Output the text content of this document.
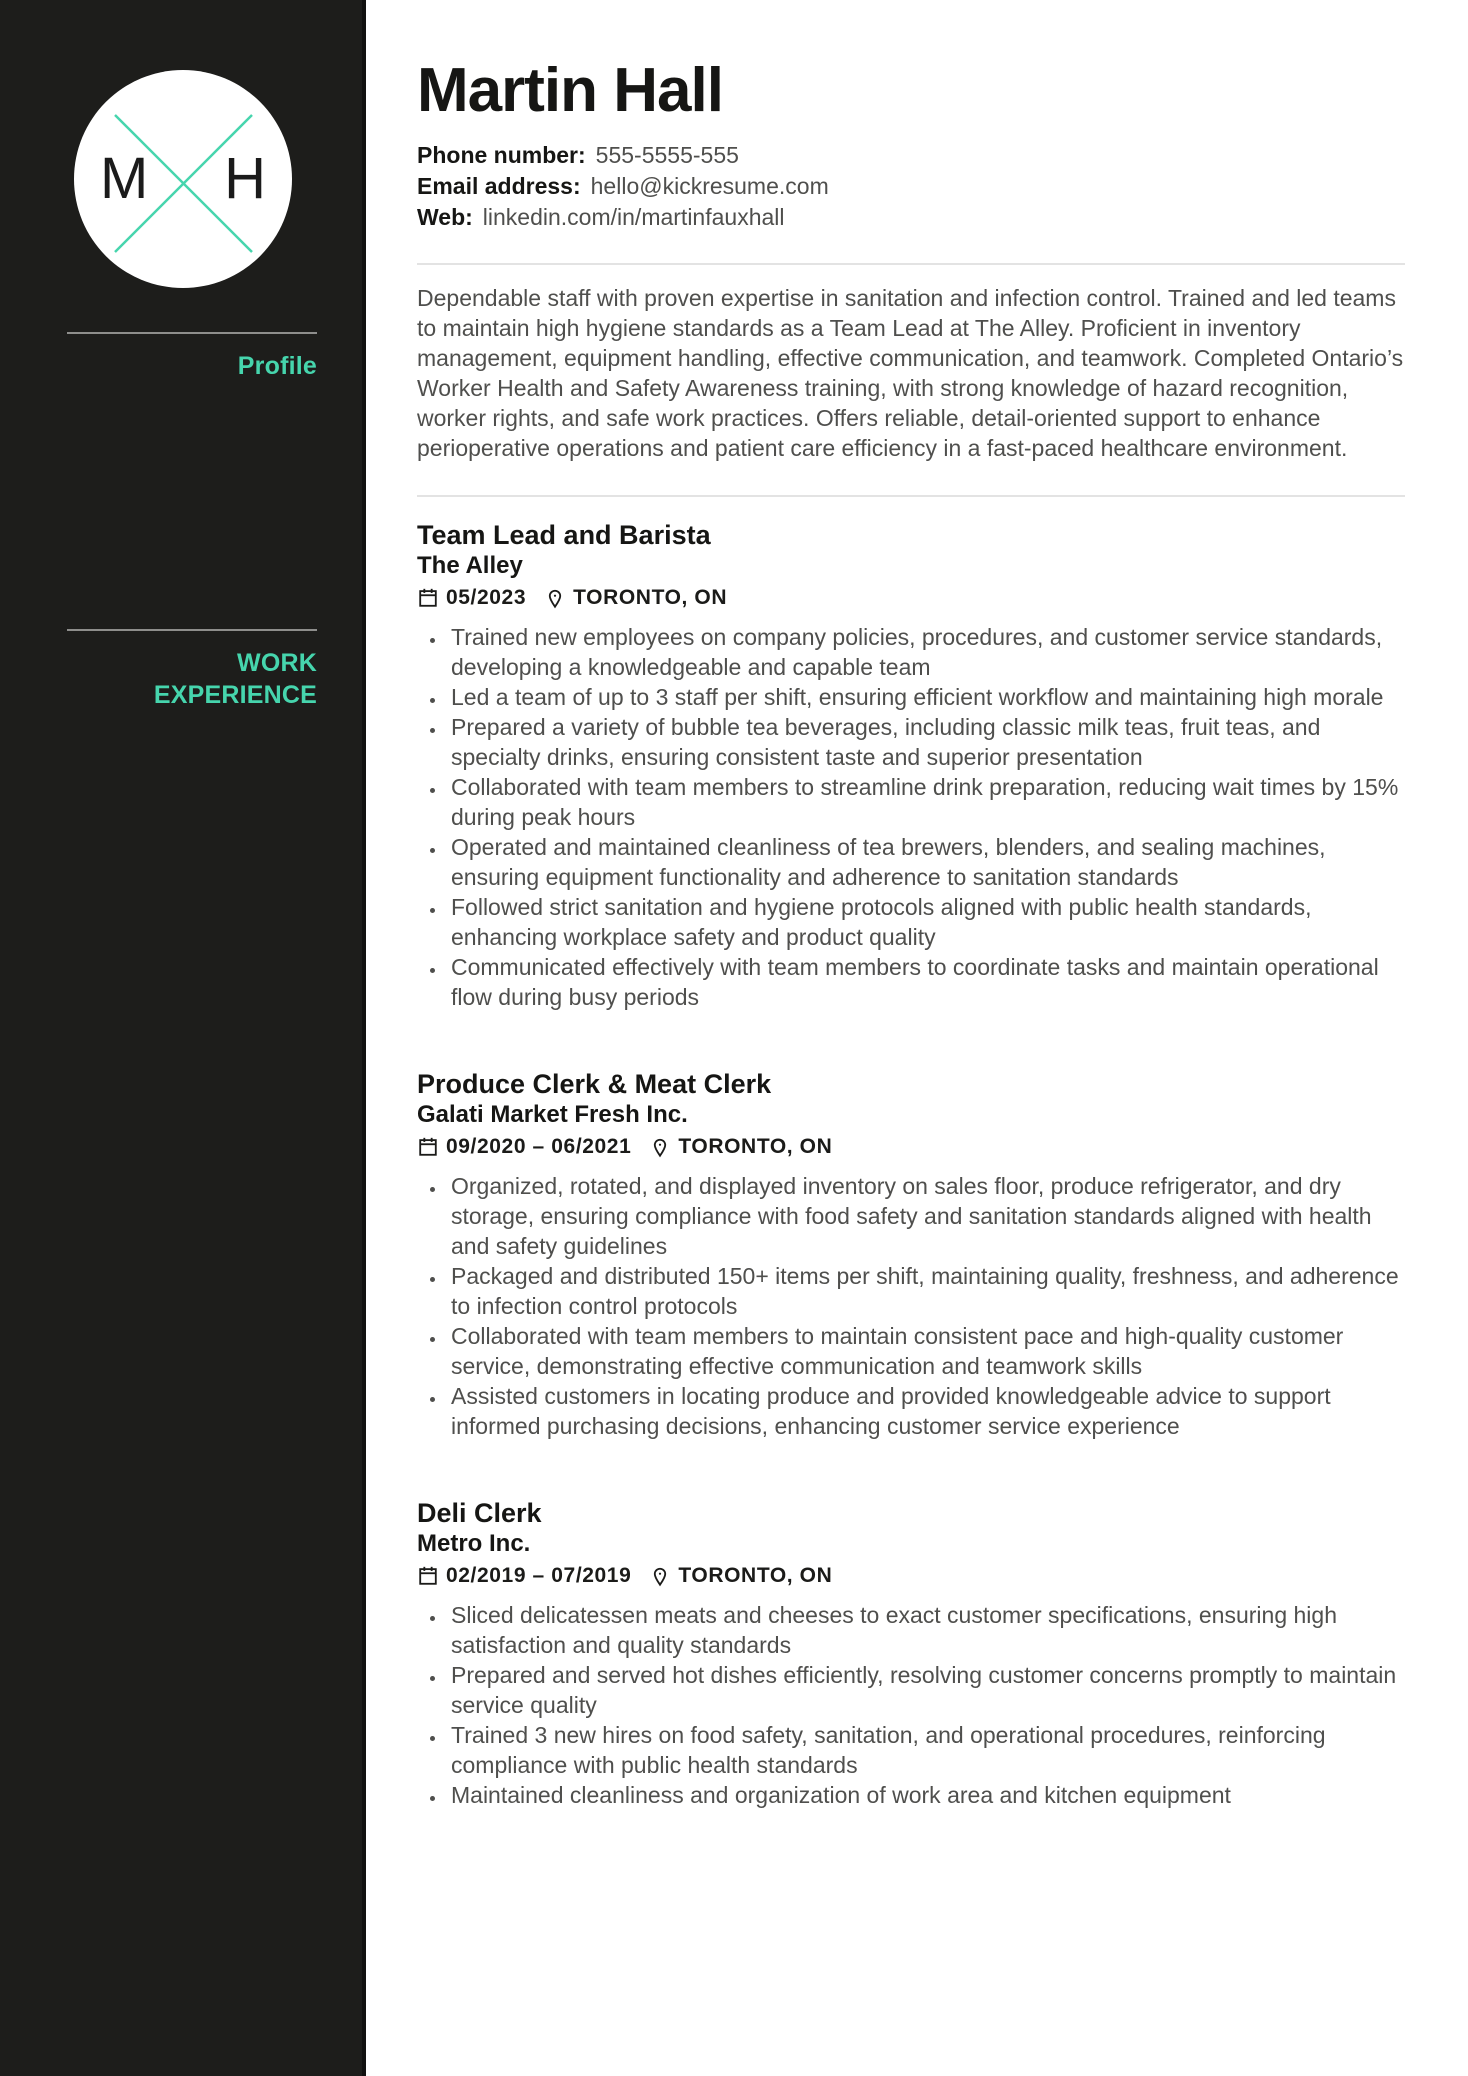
M H
Profile
WORK EXPERIENCE
Martin Hall
Phone number: 555-5555-555
Email address: hello@kickresume.com
Web: linkedin.com/in/martinfauxhall

Dependable staff with proven expertise in sanitation and infection control. Trained and led teams to maintain high hygiene standards as a Team Lead at The Alley. Proficient in inventory management, equipment handling, effective communication, and teamwork. Completed Ontario’s Worker Health and Safety Awareness training, with strong knowledge of hazard recognition, worker rights, and safe work practices. Offers reliable, detail-oriented support to enhance perioperative operations and patient care efficiency in a fast-paced healthcare environment.

Team Lead and Barista
The Alley
05/2023 TORONTO, ON
• Trained new employees on company policies, procedures, and customer service standards, developing a knowledgeable and capable team
• Led a team of up to 3 staff per shift, ensuring efficient workflow and maintaining high morale
• Prepared a variety of bubble tea beverages, including classic milk teas, fruit teas, and specialty drinks, ensuring consistent taste and superior presentation
• Collaborated with team members to streamline drink preparation, reducing wait times by 15% during peak hours
• Operated and maintained cleanliness of tea brewers, blenders, and sealing machines, ensuring equipment functionality and adherence to sanitation standards
• Followed strict sanitation and hygiene protocols aligned with public health standards, enhancing workplace safety and product quality
• Communicated effectively with team members to coordinate tasks and maintain operational flow during busy periods
Produce Clerk & Meat Clerk
Galati Market Fresh Inc.
09/2020 – 06/2021 TORONTO, ON
• Organized, rotated, and displayed inventory on sales floor, produce refrigerator, and dry storage, ensuring compliance with food safety and sanitation standards aligned with health and safety guidelines
• Packaged and distributed 150+ items per shift, maintaining quality, freshness, and adherence to infection control protocols
• Collaborated with team members to maintain consistent pace and high-quality customer service, demonstrating effective communication and teamwork skills
• Assisted customers in locating produce and provided knowledgeable advice to support informed purchasing decisions, enhancing customer service experience
Deli Clerk
Metro Inc.
02/2019 – 07/2019 TORONTO, ON
• Sliced delicatessen meats and cheeses to exact customer specifications, ensuring high satisfaction and quality standards
• Prepared and served hot dishes efficiently, resolving customer concerns promptly to maintain service quality
• Trained 3 new hires on food safety, sanitation, and operational procedures, reinforcing compliance with public health standards
• Maintained cleanliness and organization of work area and kitchen equipment
